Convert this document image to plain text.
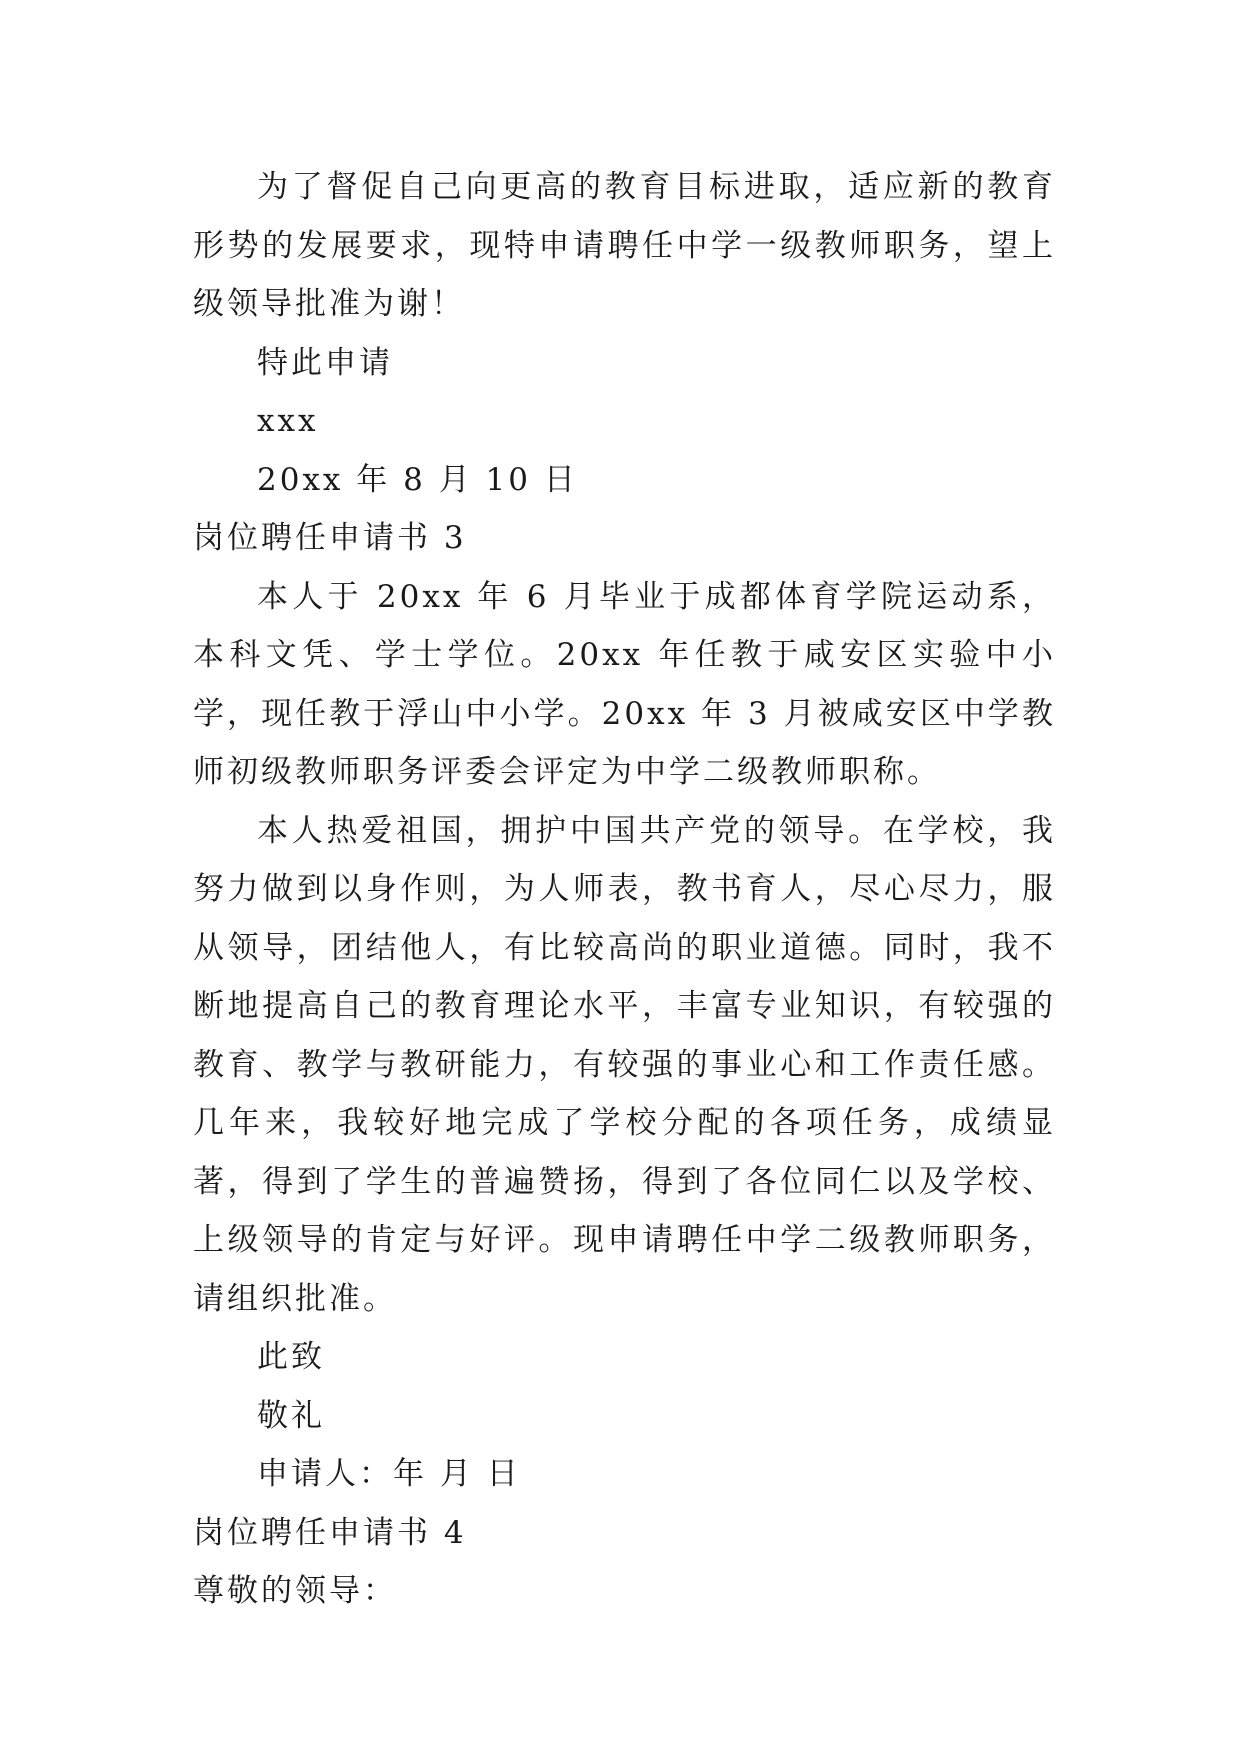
为了督促自己向更高的教育目标进取，适应新的教育形势的发展要求，现特申请聘任中学一级教师职务，望上级领导批准为谢！

特此申请

xxx

20xx 年 8 月 10 日

岗位聘任申请书 3

本人于 20xx 年 6 月毕业于成都体育学院运动系，本科文凭、学士学位。20xx 年任教于咸安区实验中小学，现任教于浮山中小学。20xx 年 3 月被咸安区中学教师初级教师职务评委会评定为中学二级教师职称。

本人热爱祖国，拥护中国共产党的领导。在学校，我努力做到以身作则，为人师表，教书育人，尽心尽力，服从领导，团结他人，有比较高尚的职业道德。同时，我不断地提高自己的教育理论水平，丰富专业知识，有较强的教育、教学与教研能力，有较强的事业心和工作责任感。几年来，我较好地完成了学校分配的各项任务，成绩显著，得到了学生的普遍赞扬，得到了各位同仁以及学校、上级领导的肯定与好评。现申请聘任中学二级教师职务，请组织批准。

此致

敬礼

申请人：年 月 日

岗位聘任申请书 4

尊敬的领导：
